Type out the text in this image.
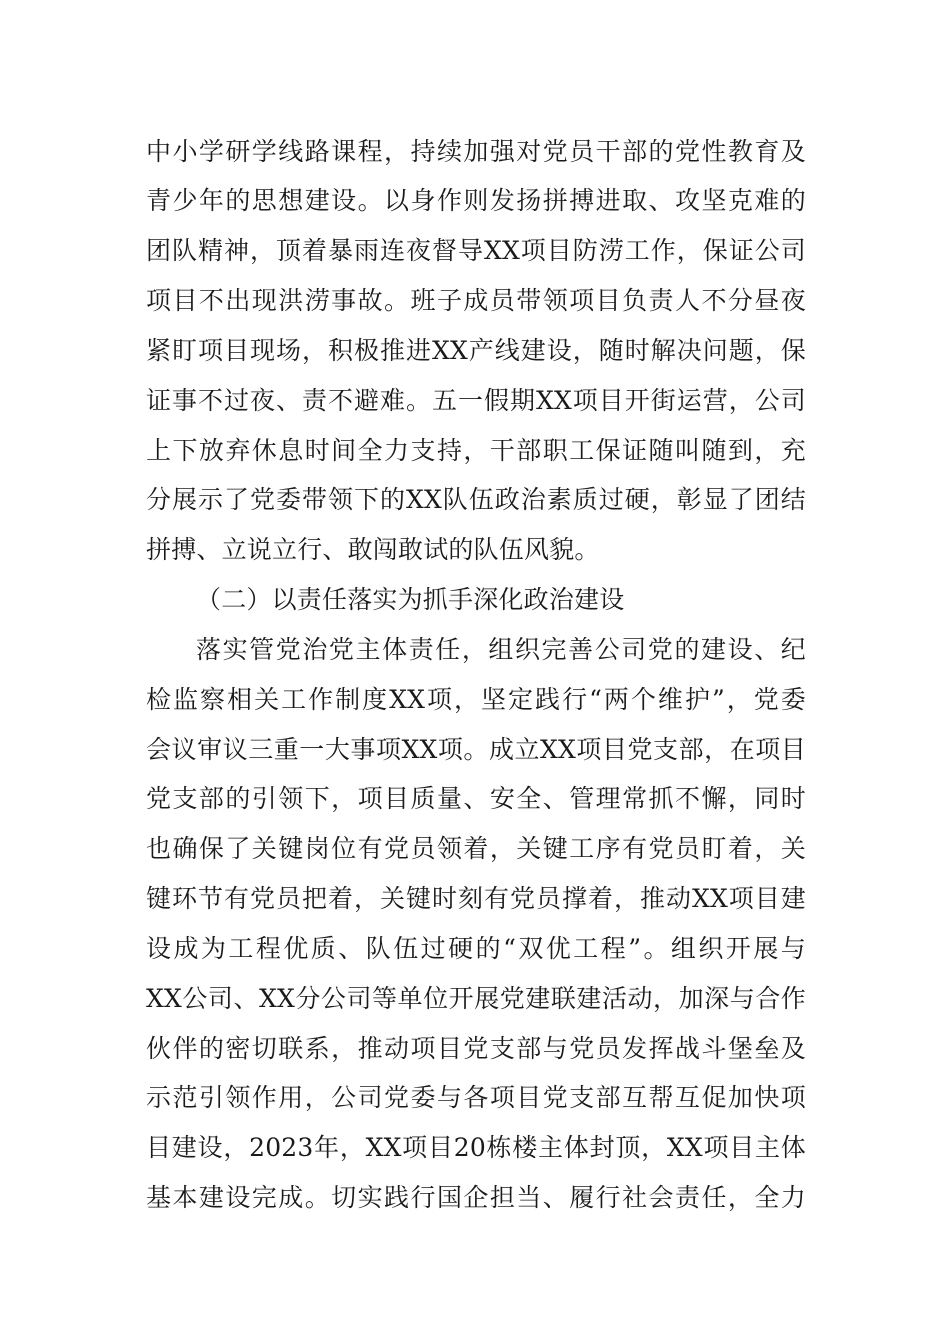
中小学研学线路课程，持续加强对党员干部的党性教育及
青少年的思想建设。以身作则发扬拼搏进取、攻坚克难的
团队精神，顶着暴雨连夜督导XX项目防涝工作，保证公司
项目不出现洪涝事故。班子成员带领项目负责人不分昼夜
紧盯项目现场，积极推进XX产线建设，随时解决问题，保
证事不过夜、责不避难。五一假期XX项目开街运营，公司
上下放弃休息时间全力支持，干部职工保证随叫随到，充
分展示了党委带领下的XX队伍政治素质过硬，彰显了团结
拼搏、立说立行、敢闯敢试的队伍风貌。
（二）以责任落实为抓手深化政治建设
落实管党治党主体责任，组织完善公司党的建设、纪
检监察相关工作制度XX项，坚定践行“两个维护”，党委
会议审议三重一大事项XX项。成立XX项目党支部，在项目
党支部的引领下，项目质量、安全、管理常抓不懈，同时
也确保了关键岗位有党员领着，关键工序有党员盯着，关
键环节有党员把着，关键时刻有党员撑着，推动XX项目建
设成为工程优质、队伍过硬的“双优工程”。组织开展与
XX公司、XX分公司等单位开展党建联建活动，加深与合作
伙伴的密切联系，推动项目党支部与党员发挥战斗堡垒及
示范引领作用，公司党委与各项目党支部互帮互促加快项
目建设，2023年，XX项目20栋楼主体封顶，XX项目主体
基本建设完成。切实践行国企担当、履行社会责任，全力
